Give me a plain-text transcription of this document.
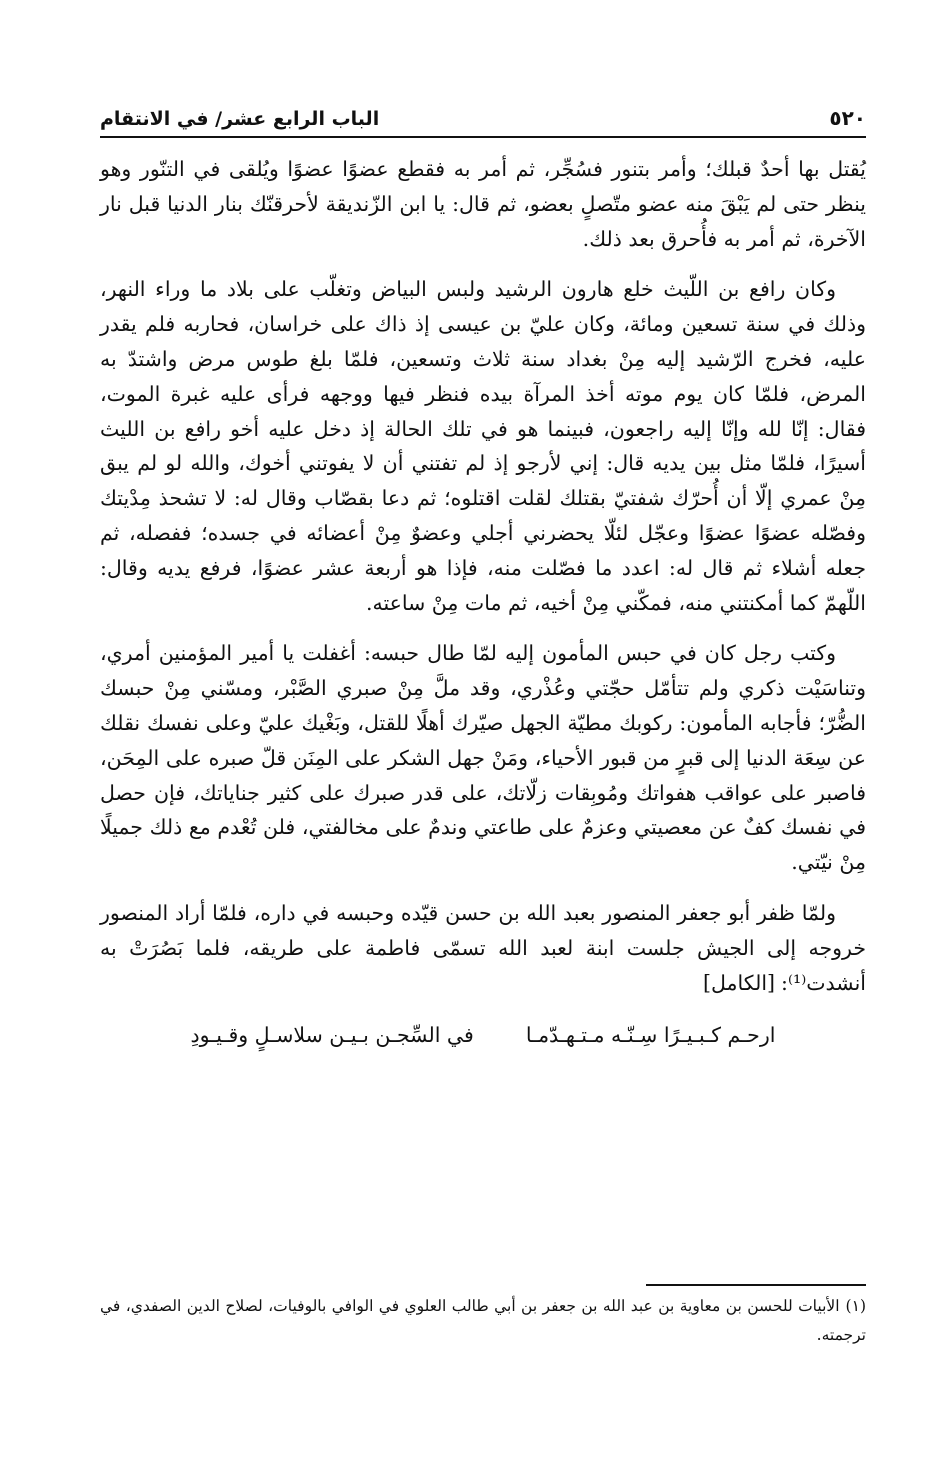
٥٢٠
الباب الرابع عشر/ في الانتقام

يُقتل بها أحدٌ قبلك؛ وأمر بتنور فسُجِّر، ثم أمر به فقطع عضوًا عضوًا ويُلقى في التنّور وهو ينظر حتى لم يَبْقَ منه عضو متّصلٍ بعضو، ثم قال: يا ابن الزّنديقة لأحرقنّك بنار الدنيا قبل نار الآخرة، ثم أمر به فأُحرق بعد ذلك.

وكان رافع بن اللّيث خلع هارون الرشيد ولبس البياض وتغلّب على بلاد ما وراء النهر، وذلك في سنة تسعين ومائة، وكان عليّ بن عيسى إذ ذاك على خراسان، فحاربه فلم يقدر عليه، فخرج الرّشيد إليه مِنْ بغداد سنة ثلاث وتسعين، فلمّا بلغ طوس مرض واشتدّ به المرض، فلمّا كان يوم موته أخذ المرآة بيده فنظر فيها ووجهه فرأى عليه غبرة الموت، فقال: إنّا لله وإنّا إليه راجعون، فبينما هو في تلك الحالة إذ دخل عليه أخو رافع بن الليث أسيرًا، فلمّا مثل بين يديه قال: إني لأرجو إذ لم تفتني أن لا يفوتني أخوك، والله لو لم يبق مِنْ عمري إلّا أن أُحرّك شفتيّ بقتلك لقلت اقتلوه؛ ثم دعا بقصّاب وقال له: لا تشحذ مِدْيتك وفصّله عضوًا عضوًا وعجّل لئلّا يحضرني أجلي وعضوٌ مِنْ أعضائه في جسده؛ ففصله، ثم جعله أشلاء ثم قال له: اعدد ما فصّلت منه، فإذا هو أربعة عشر عضوًا، فرفع يديه وقال: اللّهمّ كما أمكنتني منه، فمكّني مِنْ أخيه، ثم مات مِنْ ساعته.

وكتب رجل كان في حبس المأمون إليه لمّا طال حبسه: أغفلت يا أمير المؤمنين أمري، وتناسَيْت ذكري ولم تتأمّل حجّتي وعُذْري، وقد ملَّ مِنْ صبري الصَّبْر، ومسّني مِنْ حبسك الضُّرّ؛ فأجابه المأمون: ركوبك مطيّة الجهل صيّرك أهلًا للقتل، وبَغْيك عليّ وعلى نفسك نقلك عن سِعَة الدنيا إلى قبرٍ من قبور الأحياء، ومَنْ جهل الشكر على المِنَن قلّ صبره على المِحَن، فاصبر على عواقب هفواتك ومُوبِقات زلّاتك، على قدر صبرك على كثير جناياتك، فإن حصل في نفسك كفٌ عن معصيتي وعزمٌ على طاعتي وندمٌ على مخالفتي، فلن تُعْدم مع ذلك جميلًا مِنْ نيّتي.

ولمّا ظفر أبو جعفر المنصور بعبد الله بن حسن قيّده وحبسه في داره، فلمّا أراد المنصور خروجه إلى الجيش جلست ابنة لعبد الله تسمّى فاطمة على طريقه، فلما بَصُرَتْ به أنشدت⁽¹⁾:[الكامل]

ارحـم كـبـيـرًا سِـنّـه مـتـهـدّمـا
في السِّجـن بـيـن سلاسـلٍ وقـيـودِ

(١)الأبيات للحسن بن معاوية بن عبد الله بن جعفر بن أبي طالب العلوي في الوافي بالوفيات، لصلاح الدين الصفدي، في ترجمته.
